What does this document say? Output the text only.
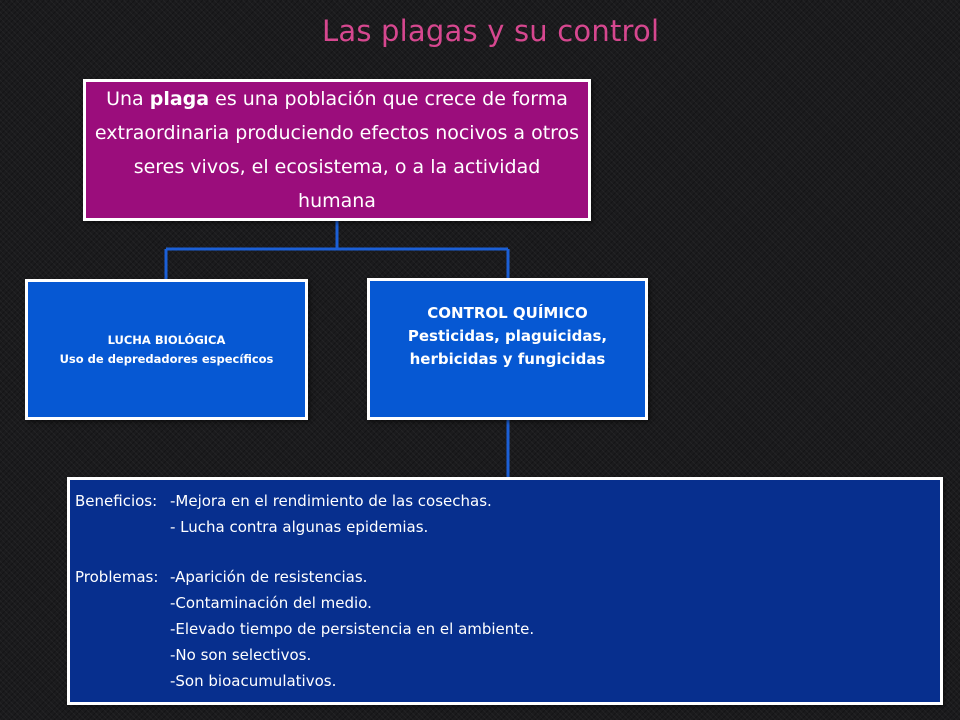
Las plagas y su control
Una plaga es una población que crece de forma extraordinaria produciendo efectos nocivos a otros seres vivos, el ecosistema, o a la actividad humana
LUCHA BIOLÓGICA
Uso de depredadores específicos
CONTROL QUÍMICO
Pesticidas, plaguicidas,
herbicidas y fungicidas
Beneficios: -Mejora en el rendimiento de las cosechas.
- Lucha contra algunas epidemias.
Problemas: -Aparición de resistencias.
-Contaminación del medio.
-Elevado tiempo de persistencia en el ambiente.
-No son selectivos.
-Son bioacumulativos.
